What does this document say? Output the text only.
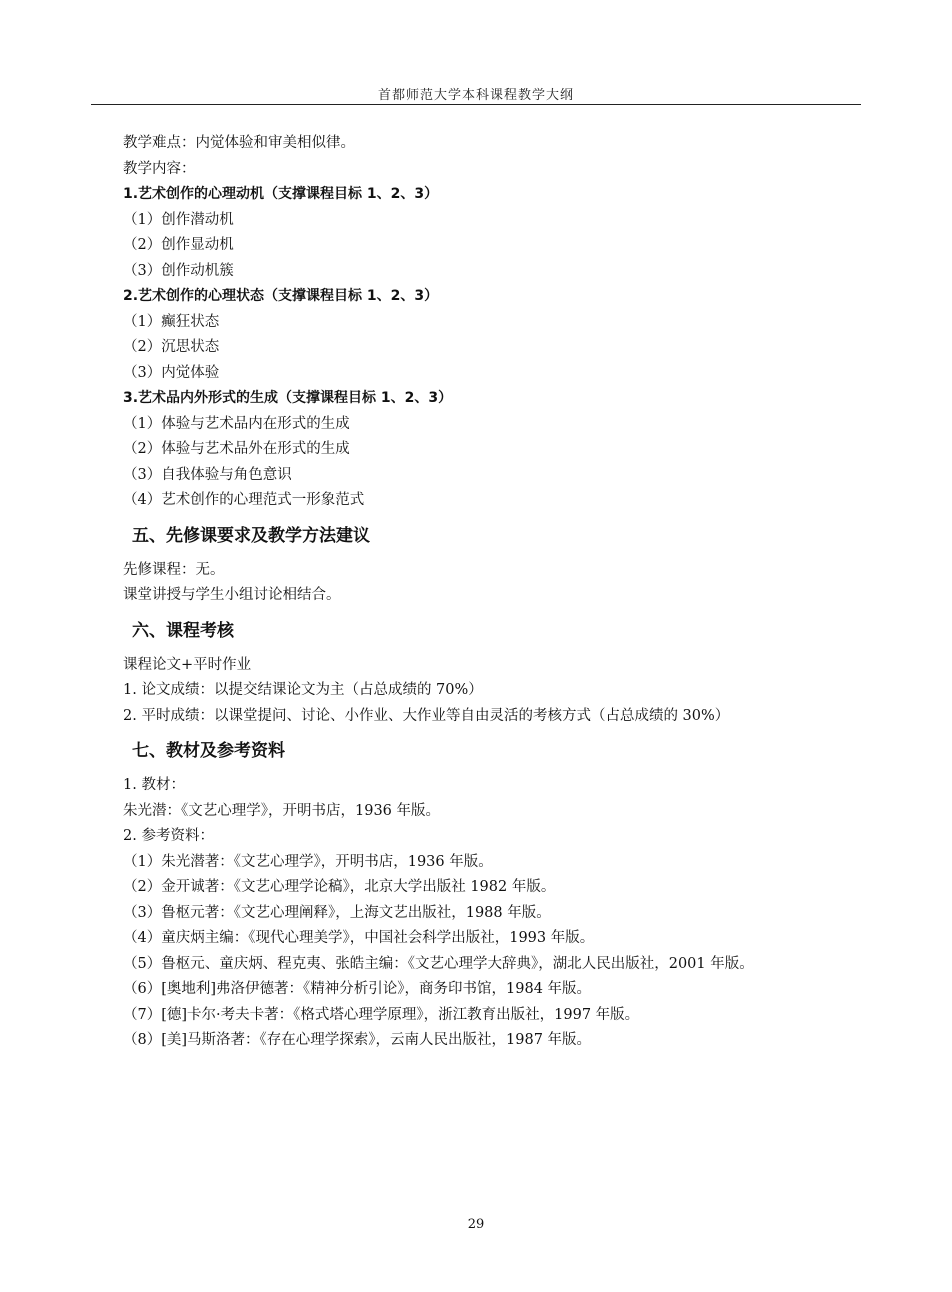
首都师范大学本科课程教学大纲
教学难点：内觉体验和审美相似律。
教学内容：
1.艺术创作的心理动机（支撑课程目标 1、2、3）
（1）创作潜动机
（2）创作显动机
（3）创作动机簇
2.艺术创作的心理状态（支撑课程目标 1、2、3）
（1）癫狂状态
（2）沉思状态
（3）内觉体验
3.艺术品内外形式的生成（支撑课程目标 1、2、3）
（1）体验与艺术品内在形式的生成
（2）体验与艺术品外在形式的生成
（3）自我体验与角色意识
（4）艺术创作的心理范式一形象范式
五、先修课要求及教学方法建议
先修课程：无。
课堂讲授与学生小组讨论相结合。
六、课程考核
课程论文+平时作业
1. 论文成绩：以提交结课论文为主（占总成绩的 70%）
2. 平时成绩：以课堂提问、讨论、小作业、大作业等自由灵活的考核方式（占总成绩的 30%）
七、教材及参考资料
1. 教材：
朱光潜：《文艺心理学》，开明书店，1936 年版。
2. 参考资料：
（1）朱光潜著：《文艺心理学》，开明书店，1936 年版。
（2）金开诚著：《文艺心理学论稿》，北京大学出版社 1982 年版。
（3）鲁枢元著：《文艺心理阐释》，上海文艺出版社，1988 年版。
（4）童庆炳主编：《现代心理美学》，中国社会科学出版社，1993 年版。
（5）鲁枢元、童庆炳、程克夷、张皓主编：《文艺心理学大辞典》，湖北人民出版社，2001 年版。
（6）[奥地利]弗洛伊德著：《精神分析引论》，商务印书馆，1984 年版。
（7）[德]卡尔·考夫卡著：《格式塔心理学原理》，浙江教育出版社，1997 年版。
（8）[美]马斯洛著：《存在心理学探索》，云南人民出版社，1987 年版。
29
